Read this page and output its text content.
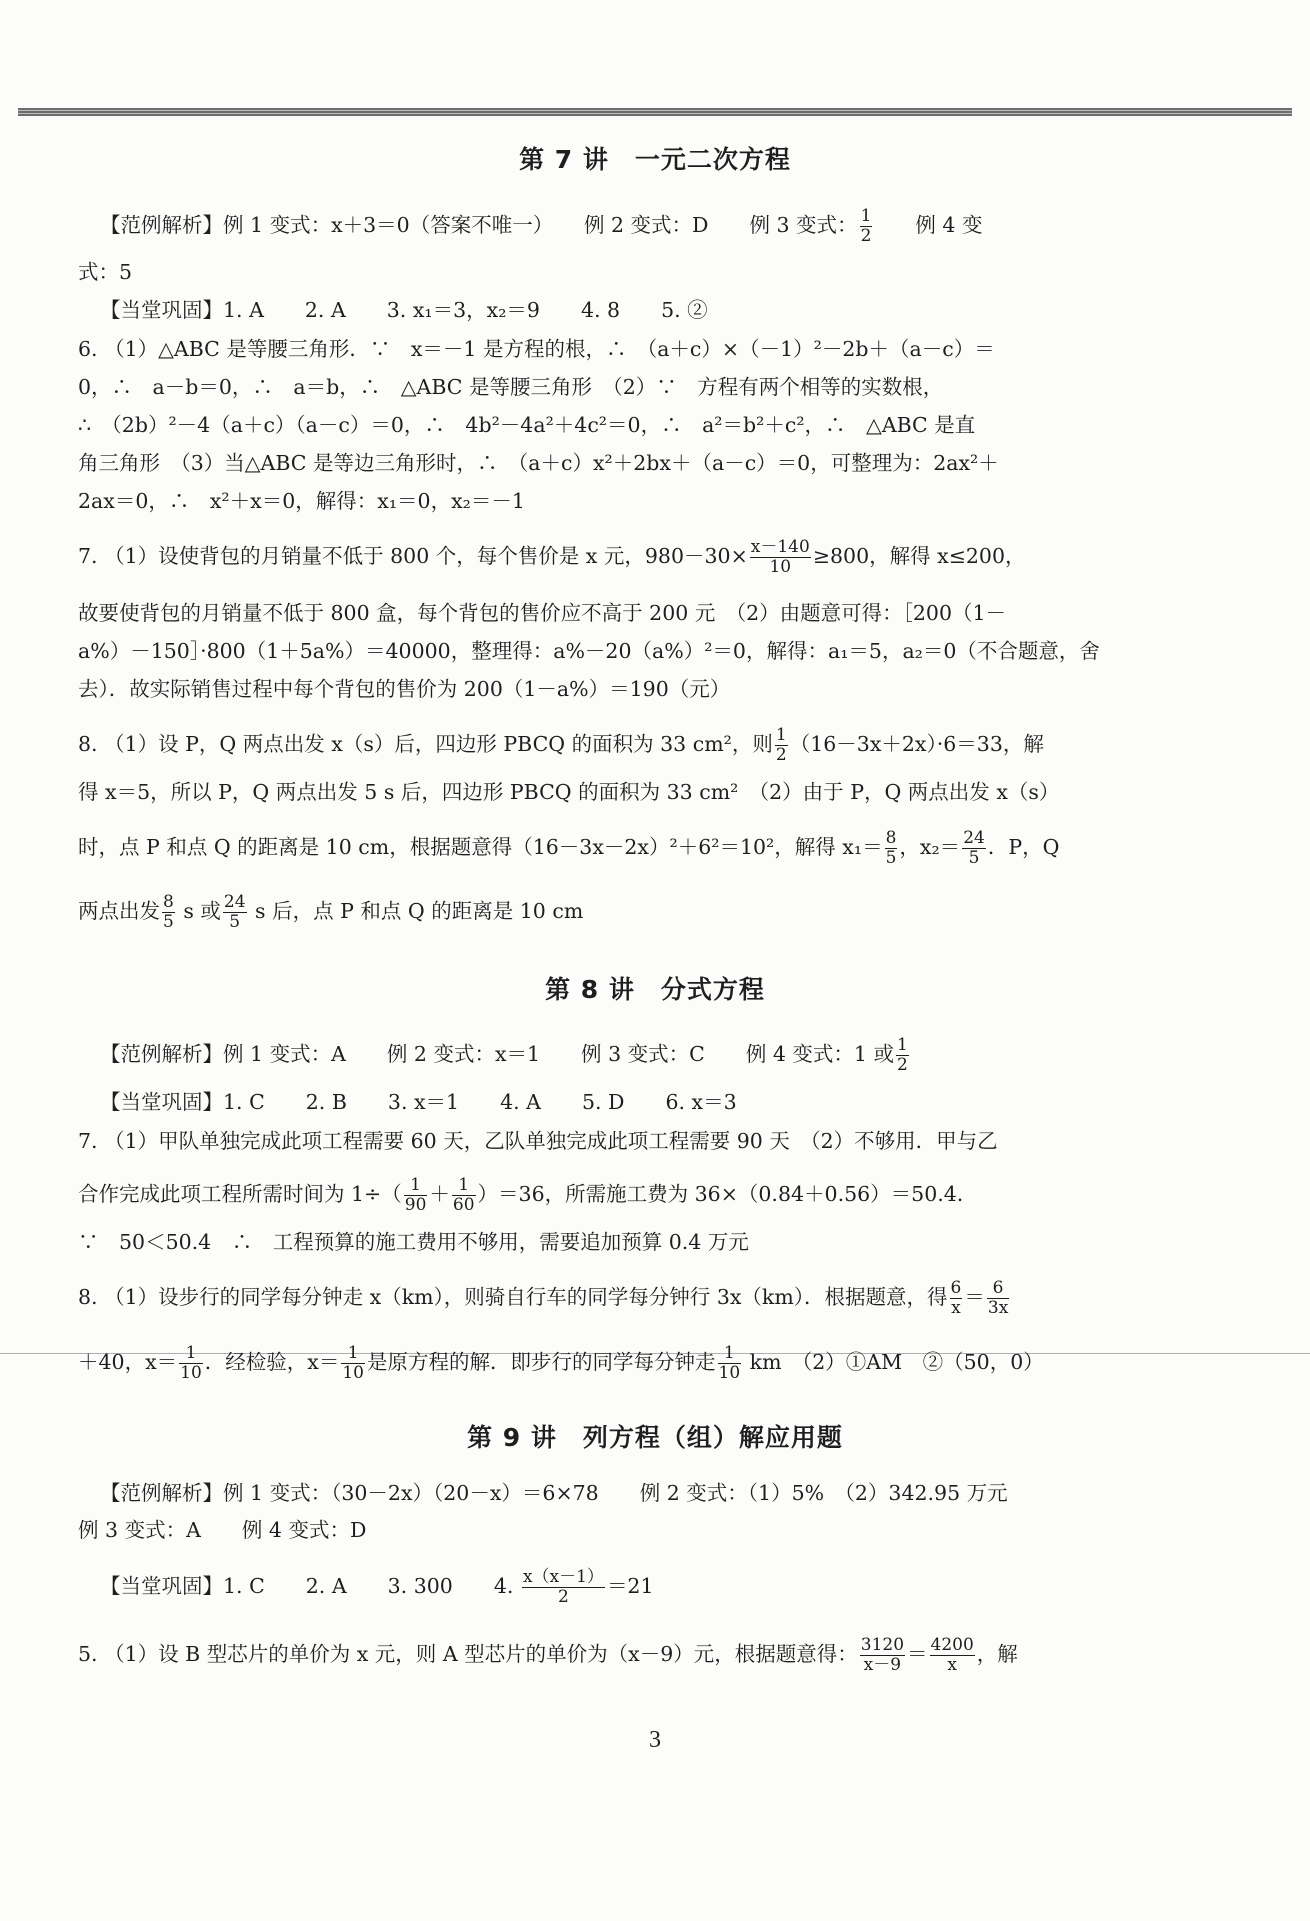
第 7 讲　一元二次方程

【范例解析】例 1 变式：x＋3＝0（答案不唯一）　　例 2 变式：D　　例 3 变式： $\frac{1}{2}$ 　　例 4 变

式：5

【当堂巩固】1. A　　2. A　　3. x₁＝3，x₂＝9　　4. 8　　5. ②

6. （1）△ABC 是等腰三角形．∵　x＝－1 是方程的根，∴　（a＋c）×（－1）²－2b＋（a－c）＝

0，∴　a－b＝0，∴　a＝b，∴　△ABC 是等腰三角形　（2）∵　方程有两个相等的实数根，

∴　（2b）²－4（a＋c）（a－c）＝0，∴　4b²－4a²＋4c²＝0，∴　a²＝b²＋c²，∴　△ABC 是直

角三角形　（3）当△ABC 是等边三角形时，∴　（a＋c）x²＋2bx＋（a－c）＝0，可整理为：2ax²＋

2ax＝0，∴　x²＋x＝0，解得：x₁＝0，x₂＝－1

7. （1）设使背包的月销量不低于 800 个，每个售价是 x 元，$980-30\times \frac{x-140}{10} \ge 800$，解得 x≤200，

故要使背包的月销量不低于 800 盒，每个背包的售价应不高于 200 元　（2）由题意可得：［200（1－

a%）－150］·800（1＋5a%）＝40000，整理得：a%－20（a%）²＝0，解得：a₁＝5，a₂＝0（不合题意，舍

去）．故实际销售过程中每个背包的售价为 200（1－a%）＝190（元）

8. （1）设 P，Q 两点出发 x（s）后，四边形 PBCQ 的面积为 33 cm²，则 $\frac{1}{2} (16-3x+2x)\cdot 6=33$，解

得 x＝5，所以 P，Q 两点出发 5 s 后，四边形 PBCQ 的面积为 33 cm²　（2）由于 P，Q 两点出发 x（s）

时，点 P 和点 Q 的距离是 10 cm，根据题意得（16－3x－2x）²＋6²＝10²，解得 $x_1= \frac{8}{5}$ ，$x_2= \frac{24}{5}$ ．P，Q

两点出发 $\frac{8}{5}$ s 或 $\frac{24}{5}$ s 后，点 P 和点 Q 的距离是 10 cm

第 8 讲　分式方程

【范例解析】例 1 变式：A　　例 2 变式：x＝1　　例 3 变式：C　　例 4 变式：1 或 $\frac{1}{2}$

【当堂巩固】1. C　　2. B　　3. x＝1　　4. A　　5. D　　6. x＝3

7. （1）甲队单独完成此项工程需要 60 天，乙队单独完成此项工程需要 90 天　（2）不够用．甲与乙

合作完成此项工程所需时间为 $1\div( \frac{1}{90} + \frac{1}{60} )=36$，所需施工费为 36×（0.84＋0.56）＝50.4．

∵　50＜50.4　∴　工程预算的施工费用不够用，需要追加预算 0.4 万元

8. （1）设步行的同学每分钟走 x（km），则骑自行车的同学每分钟行 3x（km）．根据题意，得 $\frac{6}{x} = \frac{6}{3x}$

＋40，$x= \frac{1}{10}$ ．经检验，$x= \frac{1}{10}$ 是原方程的解．即步行的同学每分钟走 $\frac{1}{10}$ km　（2）①AM　②（50，0）

第 9 讲　列方程（组）解应用题

【范例解析】例 1 变式：（30－2x）（20－x）＝6×78　　例 2 变式：（1）5%　（2）342.95 万元

例 3 变式：A　　例 4 变式：D

【当堂巩固】1. C　　2. A　　3. 300　　4. $\frac{x(x-1)}{2} =21$

5. （1）设 B 型芯片的单价为 x 元，则 A 型芯片的单价为（x－9）元，根据题意得： $\frac{3120}{x-9} = \frac{4200}{x}$ ，解

3
